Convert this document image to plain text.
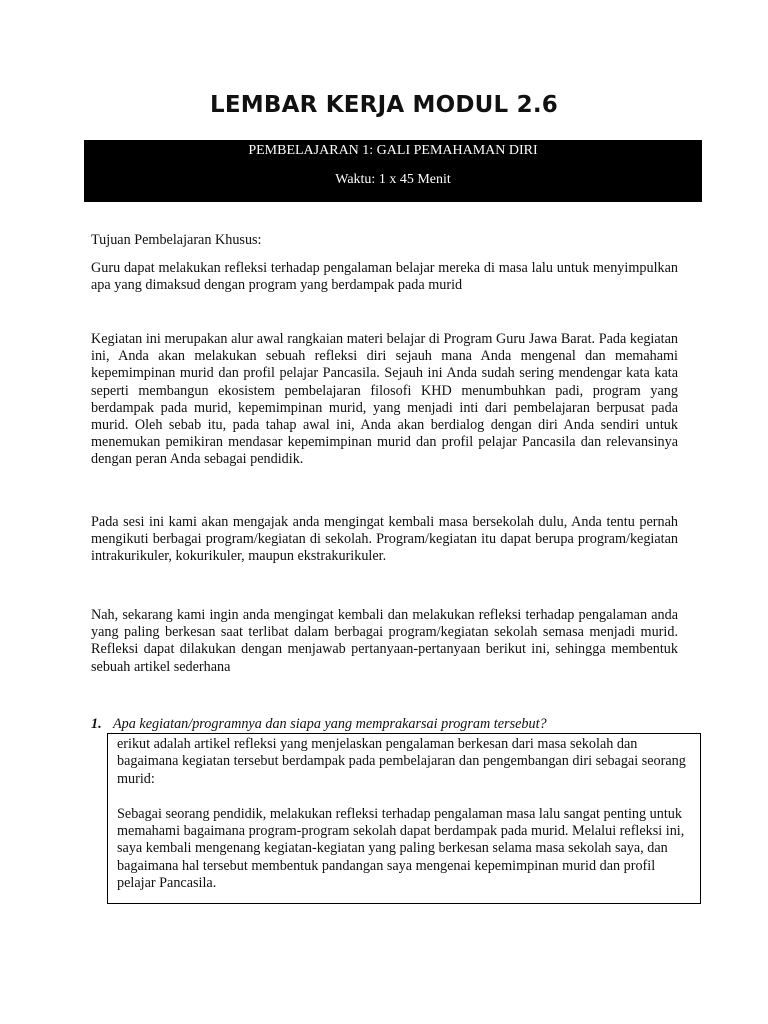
LEMBAR KERJA MODUL 2.6
PEMBELAJARAN 1: GALI PEMAHAMAN DIRI
Waktu: 1 x 45 Menit

Tujuan Pembelajaran Khusus:

Guru dapat melakukan refleksi terhadap pengalaman belajar mereka di masa lalu untuk menyimpulkan apa yang dimaksud dengan program yang berdampak pada murid

Kegiatan ini merupakan alur awal rangkaian materi belajar di Program Guru Jawa Barat. Pada kegiatan ini, Anda akan melakukan sebuah refleksi diri sejauh mana Anda mengenal dan memahami kepemimpinan murid dan profil pelajar Pancasila. Sejauh ini Anda sudah sering mendengar kata kata seperti membangun ekosistem pembelajaran filosofi KHD menumbuhkan padi, program yang berdampak pada murid, kepemimpinan murid, yang menjadi inti dari pembelajaran berpusat pada murid. Oleh sebab itu, pada tahap awal ini, Anda akan berdialog dengan diri Anda sendiri untuk menemukan pemikiran mendasar kepemimpinan murid dan profil pelajar Pancasila dan relevansinya dengan peran Anda sebagai pendidik.

Pada sesi ini kami akan mengajak anda mengingat kembali masa bersekolah dulu, Anda tentu pernah mengikuti berbagai program/kegiatan di sekolah. Program/kegiatan itu dapat berupa program/kegiatan intrakurikuler, kokurikuler, maupun ekstrakurikuler.

Nah, sekarang kami ingin anda mengingat kembali dan melakukan refleksi terhadap pengalaman anda yang paling berkesan saat terlibat dalam berbagai program/kegiatan sekolah semasa menjadi murid. Refleksi dapat dilakukan dengan menjawab pertanyaan-pertanyaan berikut ini, sehingga membentuk sebuah artikel sederhana

1. Apa kegiatan/programnya dan siapa yang memprakarsai program tersebut?

erikut adalah artikel refleksi yang menjelaskan pengalaman berkesan dari masa sekolah dan bagaimana kegiatan tersebut berdampak pada pembelajaran dan pengembangan diri sebagai seorang murid:

Sebagai seorang pendidik, melakukan refleksi terhadap pengalaman masa lalu sangat penting untuk memahami bagaimana program-program sekolah dapat berdampak pada murid. Melalui refleksi ini, saya kembali mengenang kegiatan-kegiatan yang paling berkesan selama masa sekolah saya, dan bagaimana hal tersebut membentuk pandangan saya mengenai kepemimpinan murid dan profil pelajar Pancasila.
